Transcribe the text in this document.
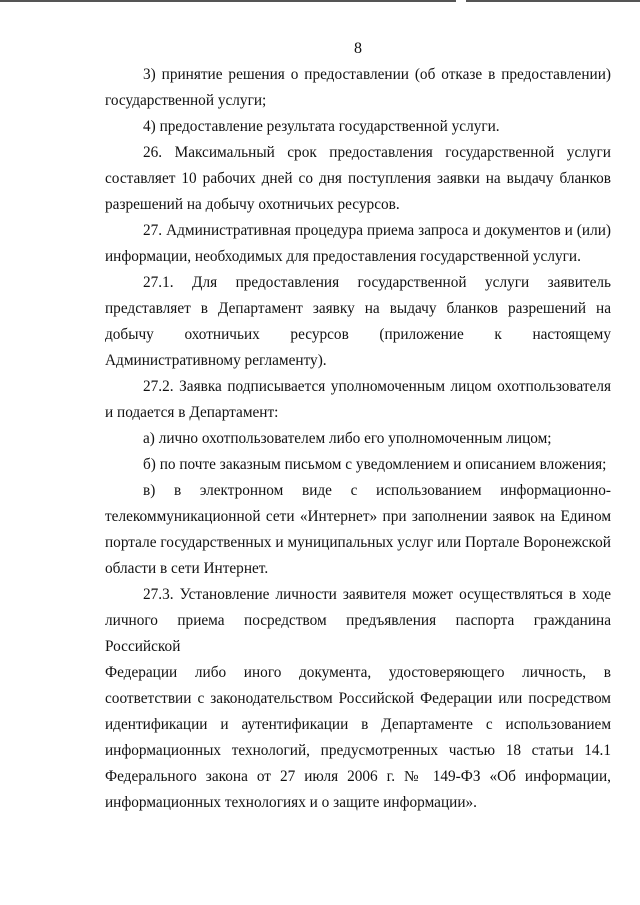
8
3) принятие решения о предоставлении (об отказе в предоставлении)
государственной услуги;
4) предоставление результата государственной услуги.
26. Максимальный срок предоставления государственной услуги
составляет 10 рабочих дней со дня поступления заявки на выдачу бланков
разрешений на добычу охотничьих ресурсов.
27. Административная процедура приема запроса и документов и (или)
информации, необходимых для предоставления государственной услуги.
27.1. Для предоставления государственной услуги заявитель
представляет в Департамент заявку на выдачу бланков разрешений на
добычу охотничьих ресурсов (приложение к настоящему
Административному регламенту).
27.2. Заявка подписывается уполномоченным лицом охотпользователя
и подается в Департамент:
а) лично охотпользователем либо его уполномоченным лицом;
б) по почте заказным письмом с уведомлением и описанием вложения;
в) в электронном виде с использованием информационно-
телекоммуникационной сети «Интернет» при заполнении заявок на Едином
портале государственных и муниципальных услуг или Портале Воронежской
области в сети Интернет.
27.3. Установление личности заявителя может осуществляться в ходе
личного приема посредством предъявления паспорта гражданина Российской
Федерации либо иного документа, удостоверяющего личность, в
соответствии с законодательством Российской Федерации или посредством
идентификации и аутентификации в Департаменте с использованием
информационных технологий, предусмотренных частью 18 статьи 14.1
Федерального закона от 27 июля 2006 г. № 149-ФЗ «Об информации,
информационных технологиях и о защите информации».
